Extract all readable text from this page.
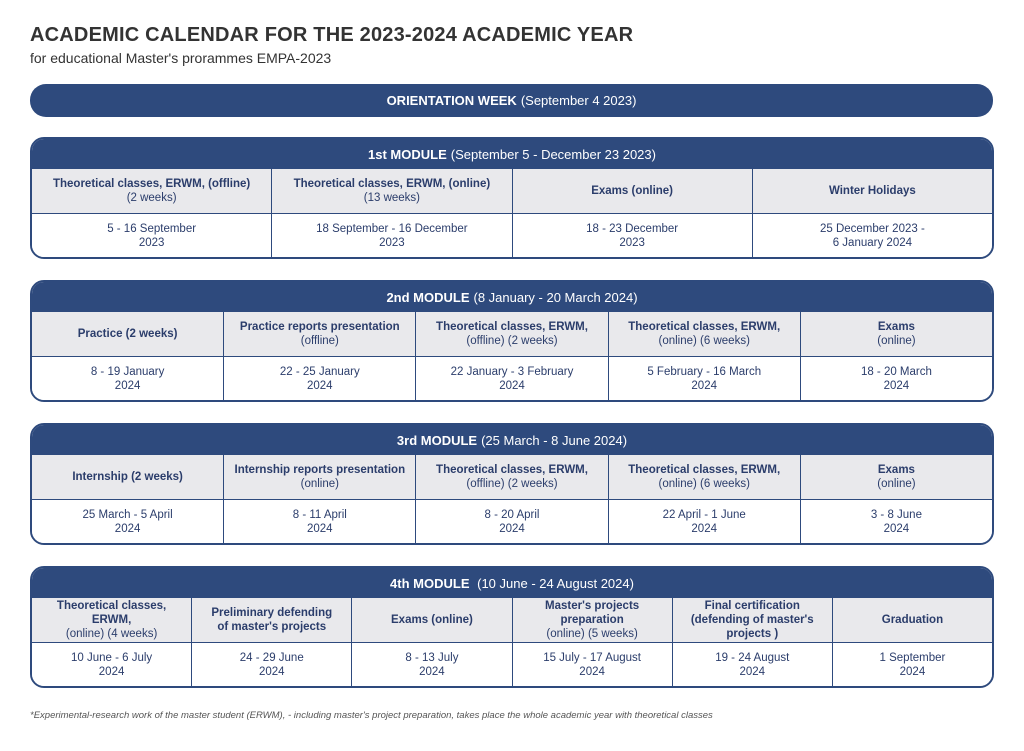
ACADEMIC CALENDAR FOR THE 2023-2024 ACADEMIC YEAR
for educational Master's prorammes EMPA-2023
ORIENTATION WEEK (September 4 2023)
1st MODULE (September 5 - December 23 2023)
Theoretical classes, ERWM, (offline)
(2 weeks)
Theoretical classes, ERWM, (online)
(13 weeks)
Exams (online)	Winter Holidays
5 - 16 September
2023
18 September - 16 December
2023
18 - 23 December
2023
25 December 2023 -
6 January 2024
2nd MODULE (8 January - 20 March 2024)
Practice (2 weeks)
Practice reports presentation
(offline)
Theoretical classes, ERWM,
(offline) (2 weeks)
Theoretical classes, ERWM,
(online) (6 weeks)
Exams
(online)
8 - 19 January
2024
22 - 25 January
2024
22 January - 3 February
2024
5 February - 16 March
2024
18 - 20 March
2024
3rd MODULE (25 March - 8 June 2024)
Internship (2 weeks)
Internship reports presentation
(online)
Theoretical classes, ERWM,
(offline) (2 weeks)
Theoretical classes, ERWM,
(online) (6 weeks)
Exams
(online)
25 March - 5 April
2024
8 - 11 April
2024
8 - 20 April
2024
22 April - 1 June
2024
3 - 8 June
2024
4th MODULE (10 June - 24 August 2024)
Theoretical classes, ERWM,
(online) (4 weeks)
Preliminary defending
of master's projects
Exams (online)
Master's projects preparation
(online) (5 weeks)
Final certification
(defending of master's projects )
Graduation
10 June - 6 July
2024
24 - 29 June
2024
8 - 13 July
2024
15 July - 17 August
2024
19 - 24 August
2024
1 September
2024
*Experimental-research work of the master student (ERWM), - including master's project preparation, takes place the whole academic year with theoretical classes
